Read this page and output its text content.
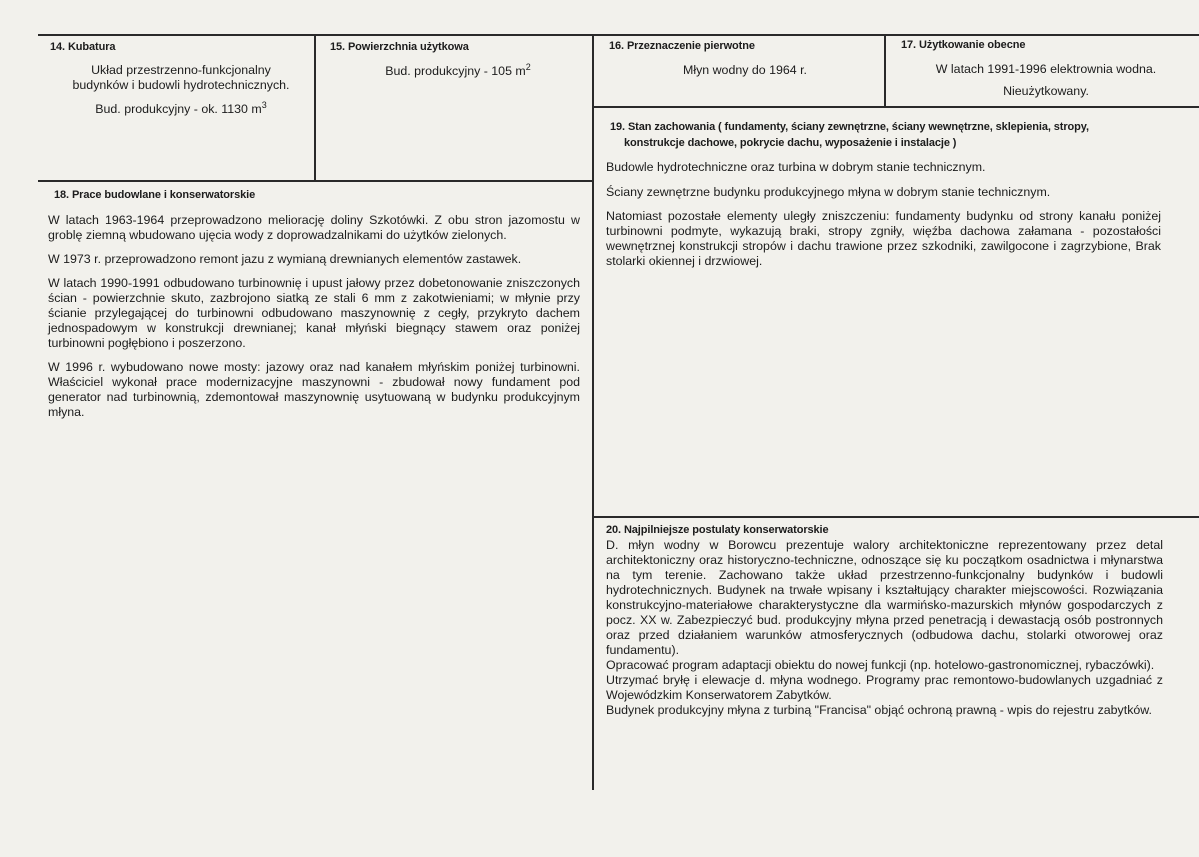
14. Kubatura
Układ przestrzenno-funkcjonalny
budynków i budowli hydrotechnicznych.
Bud. produkcyjny - ok. 1130 $m^3$
15. Powierzchnia użytkowa
Bud. produkcyjny - 105 $m^2$
16. Przeznaczenie pierwotne
Młyn wodny do 1964 r.
17. Użytkowanie obecne
W latach 1991-1996 elektrownia wodna.
Nieużytkowany.
19. Stan zachowania ( fundamenty, ściany zewnętrzne, ściany wewnętrzne, sklepienia, stropy,
konstrukcje dachowe, pokrycie dachu, wyposażenie i instalacje )

Budowle hydrotechniczne oraz turbina w dobrym stanie technicznym.

Ściany zewnętrzne budynku produkcyjnego młyna w dobrym stanie technicznym.

Natomiast pozostałe elementy uległy zniszczeniu: fundamenty budynku od strony kanału poniżej turbinowni podmyte, wykazują braki, stropy zgniły, więźba dachowa załamana - pozostałości wewnętrznej konstrukcji stropów i dachu trawione przez szkodniki, zawilgocone i zagrzybione, Brak stolarki okiennej i drzwiowej.

18. Prace budowlane i konserwatorskie

W latach 1963-1964 przeprowadzono meliorację doliny Szkotówki. Z obu stron jazomostu w groblę ziemną wbudowano ujęcia wody z doprowadzalnikami do użytków zielonych.

W 1973 r. przeprowadzono remont jazu z wymianą drewnianych elementów zastawek.

W latach 1990-1991 odbudowano turbinownię i upust jałowy przez dobetonowanie zniszczonych ścian - powierzchnie skuto, zazbrojono siatką ze stali 6 mm z zakotwieniami; w młynie przy ścianie przylegającej do turbinowni odbudowano maszynownię z cegły, przykryto dachem jednospadowym w konstrukcji drewnianej; kanał młyński biegnący stawem oraz poniżej turbinowni pogłębiono i poszerzono.

W 1996 r. wybudowano nowe mosty: jazowy oraz nad kanałem młyńskim poniżej turbinowni. Właściciel wykonał prace modernizacyjne maszynowni - zbudował nowy fundament pod generator nad turbinownią, zdemontował maszynownię usytuowaną w budynku produkcyjnym młyna.

20. Najpilniejsze postulaty konserwatorskie

D. młyn wodny w Borowcu prezentuje walory architektoniczne reprezentowany przez detal architektoniczny oraz historyczno-techniczne, odnoszące się ku początkom osadnictwa i młynarstwa na tym terenie. Zachowano także układ przestrzenno-funkcjonalny budynków i budowli hydrotechnicznych. Budynek na trwałe wpisany i kształtujący charakter miejscowości. Rozwiązania konstrukcyjno-materiałowe charakterystyczne dla warmińsko-mazurskich młynów gospodarczych z pocz. XX w. Zabezpieczyć bud. produkcyjny młyna przed penetracją i dewastacją osób postronnych oraz przed działaniem warunków atmosferycznych (odbudowa dachu, stolarki otworowej oraz fundamentu).

Opracować program adaptacji obiektu do nowej funkcji (np. hotelowo-gastronomicznej, rybaczówki).

Utrzymać bryłę i elewacje d. młyna wodnego. Programy prac remontowo-budowlanych uzgadniać z Wojewódzkim Konserwatorem Zabytków.

Budynek produkcyjny młyna z turbiną "Francisa" objąć ochroną prawną - wpis do rejestru zabytków.
